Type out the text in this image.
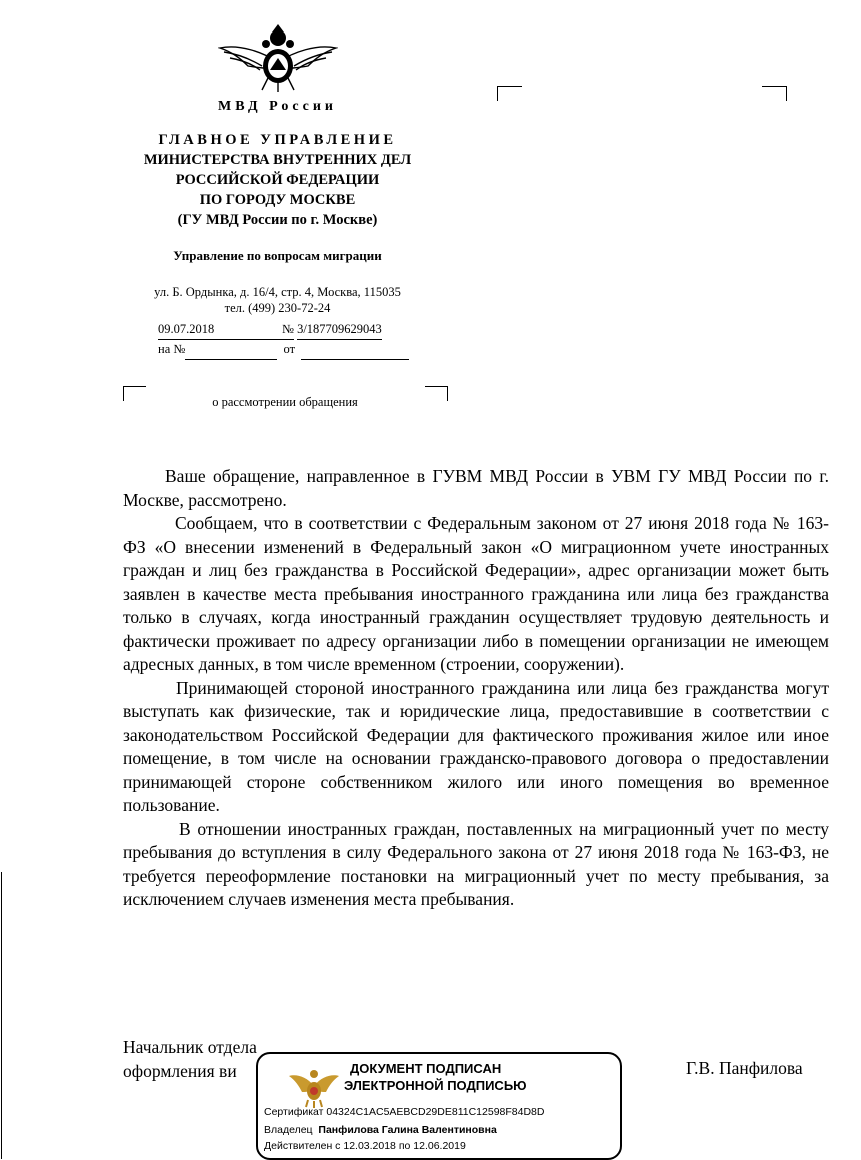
МВД России
ГЛАВНОЕ УПРАВЛЕНИЕ
МИНИСТЕРСТВА ВНУТРЕННИХ ДЕЛ
РОССИЙСКОЙ ФЕДЕРАЦИИ
ПО ГОРОДУ МОСКВЕ
(ГУ МВД России по г. Москве)
Управление по вопросам миграции
ул. Б. Ордынка, д. 16/4, стр. 4, Москва, 115035
тел. (499) 230-72-24
09.07.2018	№ 3/187709629043
на №	от
о рассмотрении обращения

Ваше обращение, направленное в ГУВМ МВД России в УВМ ГУ МВД России по г. Москве, рассмотрено.

Сообщаем, что в соответствии с Федеральным законом от 27 июня 2018 года № 163-ФЗ «О внесении изменений в Федеральный закон «О миграционном учете иностранных граждан и лиц без гражданства в Российской Федерации», адрес организации может быть заявлен в качестве места пребывания иностранного гражданина или лица без гражданства только в случаях, когда иностранный гражданин осуществляет трудовую деятельность и фактически проживает по адресу организации либо в помещении организации не имеющем адресных данных, в том числе временном (строении, сооружении).

Принимающей стороной иностранного гражданина или лица без гражданства могут выступать как физические, так и юридические лица, предоставившие в соответствии с законодательством Российской Федерации для фактического проживания жилое или иное помещение, в том числе на основании гражданско-правового договора о предоставлении принимающей стороне собственником жилого или иного помещения во временное пользование.

В отношении иностранных граждан, поставленных на миграционный учет по месту пребывания до вступления в силу Федерального закона от 27 июня 2018 года № 163-ФЗ, не требуется переоформление постановки на миграционный учет по месту пребывания, за исключением случаев изменения места пребывания.

Начальник отдела
оформления ви	Г.В. Панфилова
ДОКУМЕНТ ПОДПИСАН
ЭЛЕКТРОННОЙ ПОДПИСЬЮ
Сертификат 04324C1AC5AEBCD29DE811C12598F84D8D
Владелец Панфилова Галина Валентиновна
Действителен с 12.03.2018 по 12.06.2019
